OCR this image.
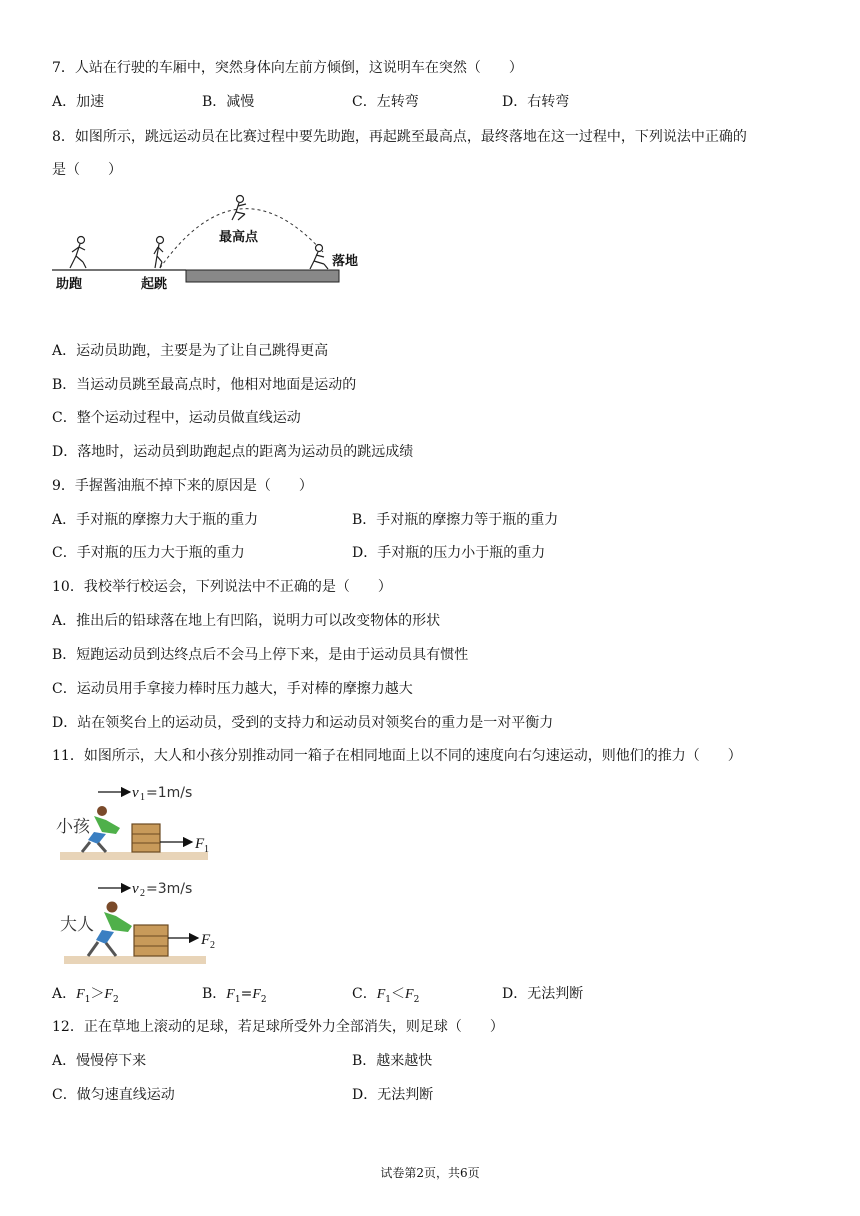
7．人站在行驶的车厢中，突然身体向左前方倾倒，这说明车在突然（　　）
A．加速	B．减慢	C．左转弯	D．右转弯
8．如图所示，跳远运动员在比赛过程中要先助跑，再起跳至最高点，最终落地在这一过程中，下列说法中正确的
是（　　）
最高点
落地
助跑	起跳
A．运动员助跑，主要是为了让自己跳得更高
B．当运动员跳至最高点时，他相对地面是运动的
C．整个运动过程中，运动员做直线运动
D．落地时，运动员到助跑起点的距离为运动员的跳远成绩
9．手握酱油瓶不掉下来的原因是（　　）
A．手对瓶的摩擦力大于瓶的重力	B．手对瓶的摩擦力等于瓶的重力
C．手对瓶的压力大于瓶的重力	D．手对瓶的压力小于瓶的重力
10．我校举行校运会，下列说法中不正确的是（　　）
A．推出后的铅球落在地上有凹陷，说明力可以改变物体的形状
B．短跑运动员到达终点后不会马上停下来，是由于运动员具有惯性
C．运动员用手拿接力棒时压力越大，手对棒的摩擦力越大
D．站在领奖台上的运动员，受到的支持力和运动员对领奖台的重力是一对平衡力
11．如图所示，大人和小孩分别推动同一箱子在相同地面上以不同的速度向右匀速运动，则他们的推力（　　）
v 1 =1m/s
小孩
F 1
v 2 =3m/s
大人
F 2
A．$F_1>F_2$	B．$F_1=F_2$	C．$F_1<F_2$	D．无法判断
12．正在草地上滚动的足球，若足球所受外力全部消失，则足球（　　）
A．慢慢停下来	B．越来越快
C．做匀速直线运动	D．无法判断
试卷第2页，共6页
